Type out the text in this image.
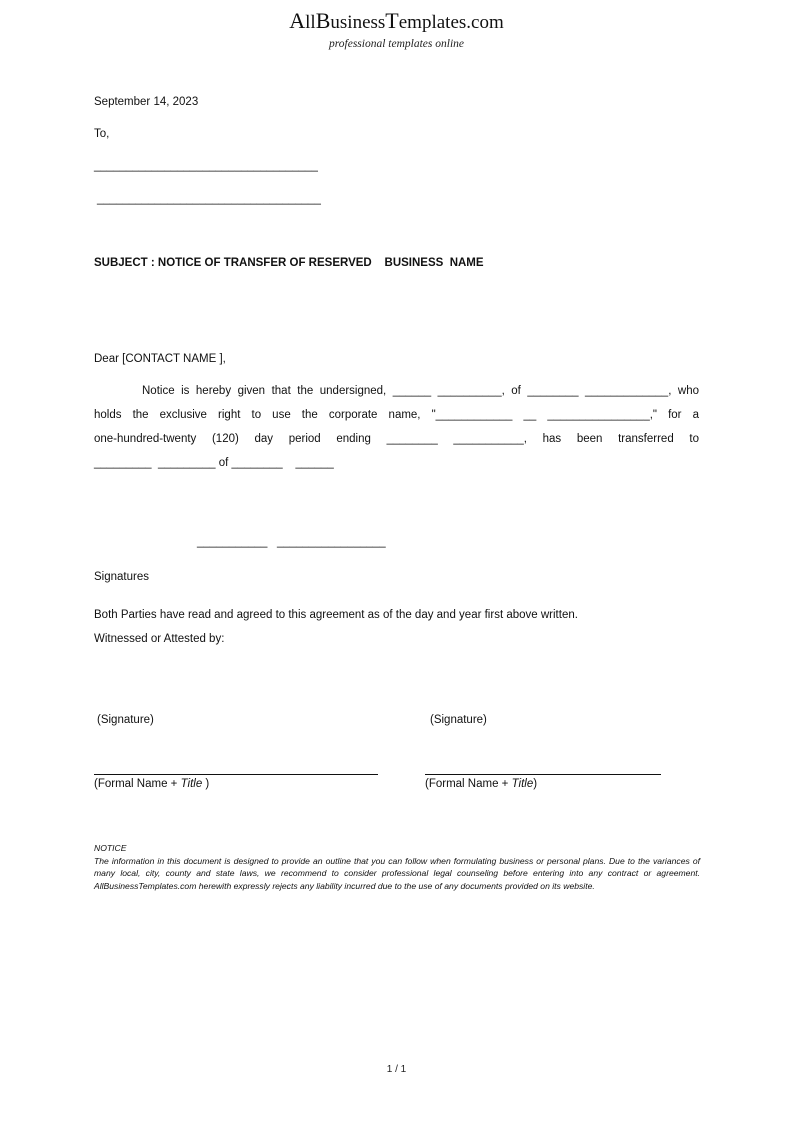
AllBusinessTemplates.com
professional templates online
September 14, 2023
To,
___________________________________
___________________________________
SUBJECT : NOTICE OF TRANSFER OF RESERVED    BUSINESS  NAME
Dear [CONTACT NAME ],
Notice is hereby given that the undersigned, ______ __________, of ________ _____________, who
holds the exclusive right to use the corporate name, "____________ __ ________________," for a
one-hundred-twenty (120) day period ending ________ ___________, has been transferred to
_________  _________ of ________    ______
___________   _________________
Signatures
Both Parties have read and agreed to this agreement as of the day and year first above written.
Witnessed or Attested by:
(Signature)	(Signature)
(Formal Name + Title )	(Formal Name + Title)
NOTICE
The information in this document is designed to provide an outline that you can follow when formulating business or personal plans. Due to the variances of many local, city, county and state laws, we recommend to consider professional legal counseling before entering into any contract or agreement. AllBusinessTemplates.com herewith expressly rejects any liability incurred due to the use of any documents provided on its website.
1 / 1
